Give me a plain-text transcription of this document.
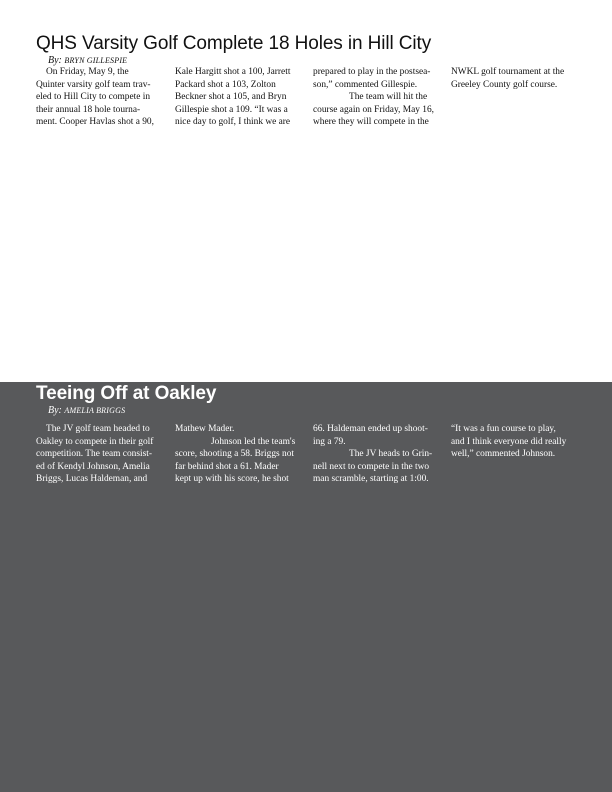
QHS Varsity Golf Complete 18 Holes in Hill City
By: BRYN GILLESPIE
On Friday, May 9, the
Quinter varsity golf team trav-
eled to Hill City to compete in
their annual 18 hole tourna-
ment. Cooper Havlas shot a 90,
Kale Hargitt shot a 100, Jarrett
Packard shot a 103, Zolton
Beckner shot a 105, and Bryn
Gillespie shot a 109. “It was a
nice day to golf, I think we are
prepared to play in the postsea-
son,” commented Gillespie.
The team will hit the
course again on Friday, May 16,
where they will compete in the
NWKL golf tournament at the
Greeley County golf course.
Teeing Off at Oakley
By: AMELIA BRIGGS
The JV golf team headed to
Oakley to compete in their golf
competition. The team consist-
ed of Kendyl Johnson, Amelia
Briggs, Lucas Haldeman, and
Mathew Mader.
Johnson led the team's
score, shooting a 58. Briggs not
far behind shot a 61. Mader
kept up with his score, he shot
66. Haldeman ended up shoot-
ing a 79.
The JV heads to Grin-
nell next to compete in the two
man scramble, starting at 1:00.
“It was a fun course to play,
and I think everyone did really
well,” commented Johnson.
